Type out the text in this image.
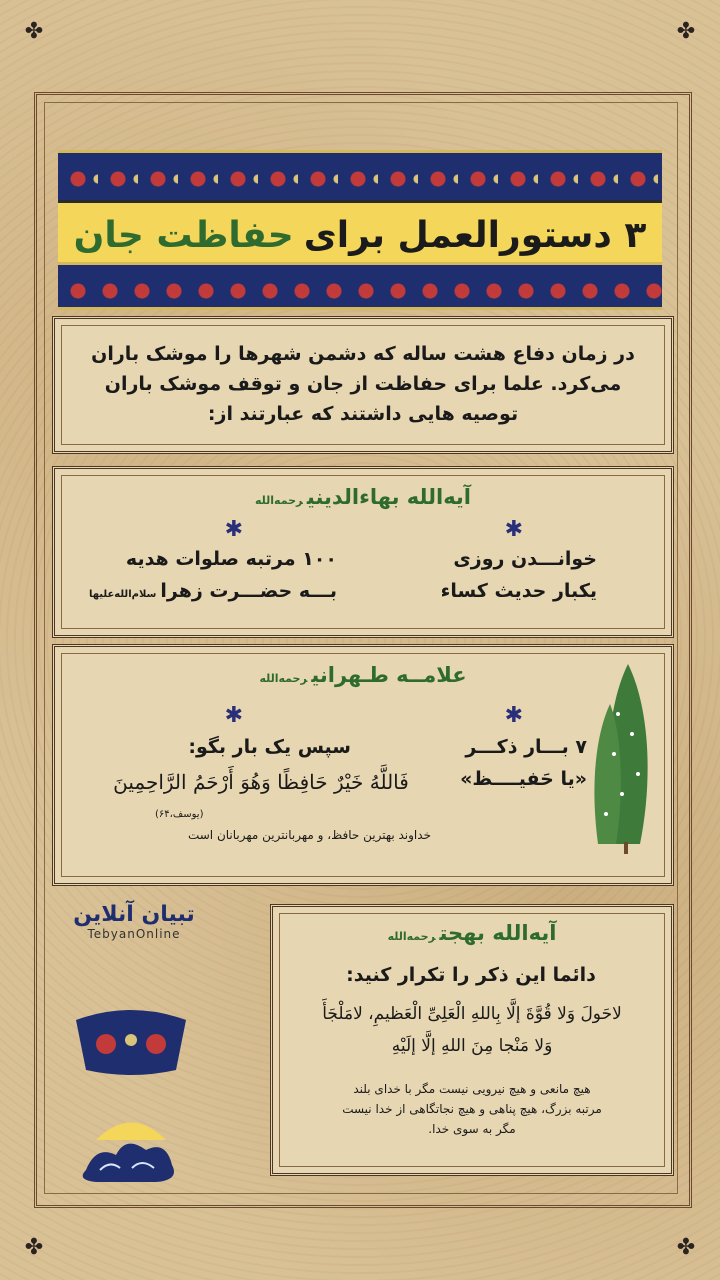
✤	✤
✤	✤
۳ دستورالعمل برای
حفاظت جان
در زمان دفاع هشت ساله که دشمن شهرها را موشک باران می‌کرد. علما برای حفاظت از جان و توقف موشک باران توصیه هایی داشتند که عبارتند از:
آیه‌الله بهاءالدینیرحمه‌الله
✱
✱
خوانـــدن روزی
یکبار حدیث کساء
۱۰۰ مرتبه صلوات هدیه
بـــه حضـــرت زهراسلام‌الله‌علیها
علامــه طـهرانیرحمه‌الله
✱
✱
۷ بـــار ذکـــر
«یا حَفیــــظ»
سپس یک بار بگو:
فَاللَّهُ خَيْرٌ حَافِظًا وَهُوَ أَرْحَمُ الرَّاحِمِينَ
(یوسف،۶۴)
خداوند بهترین حافظ، و مهربانترین مهربانان است
تبیان آنلاین
TebyanOnline	آیه‌الله بهجترحمه‌الله
دائما این ذکر را تکرار کنید:
لاحَولَ وَلا قُوَّةَ إلَّا بِاللهِ الْعَلِیِّ الْعَظیمِ، لامَلْجَأَ
وَلا مَنْجا مِنَ اللهِ إلَّا إلَیْهِ
هیچ مانعی و هیچ نیرویی نیست مگر با خدای بلند
مرتبه بزرگ، هیچ پناهی و هیچ نجاتگاهی از خدا نیست
مگر به سوی خدا.
